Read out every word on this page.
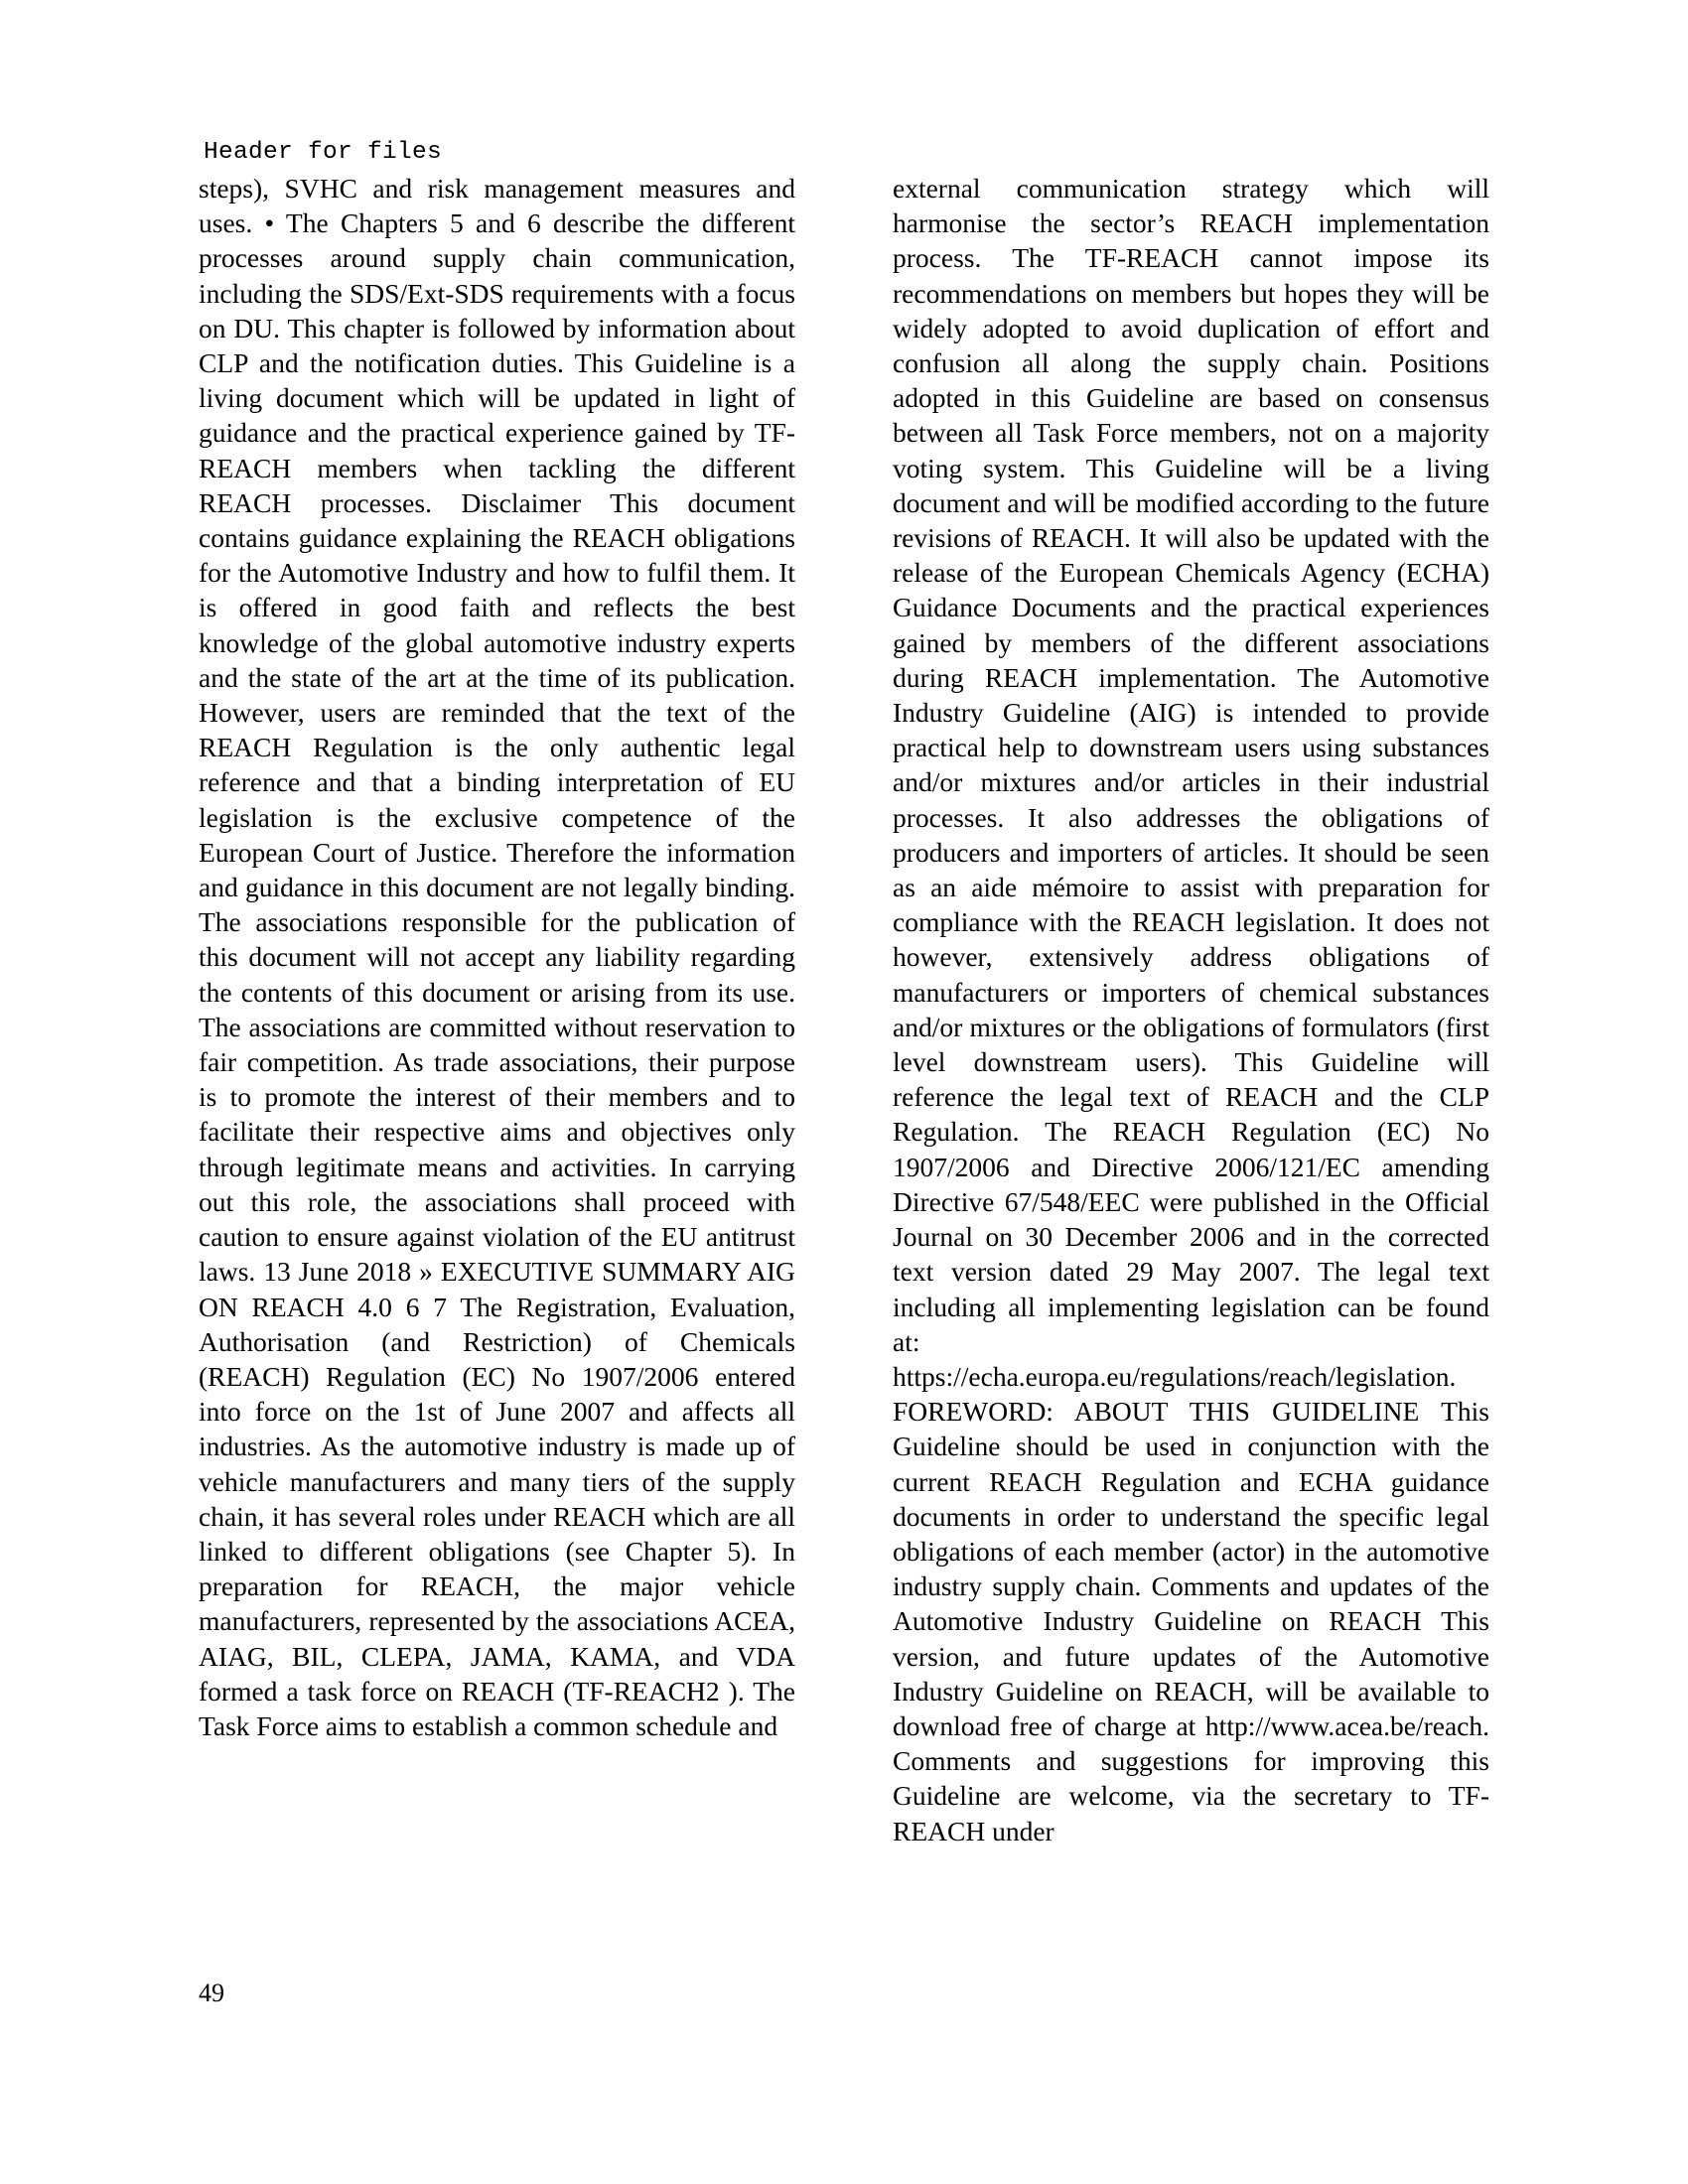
Header for files

steps), SVHC and risk management measures and uses. • The Chapters 5 and 6 describe the different processes around supply chain communication, including the SDS/Ext-SDS requirements with a focus on DU. This chapter is followed by information about CLP and the notification duties. This Guideline is a living document which will be updated in light of guidance and the practical experience gained by TF-REACH members when tackling the different REACH processes. Disclaimer This document contains guidance explaining the REACH obligations for the Automotive Industry and how to fulfil them. It is offered in good faith and reflects the best knowledge of the global automotive industry experts and the state of the art at the time of its publication. However, users are reminded that the text of the REACH Regulation is the only authentic legal reference and that a binding interpretation of EU legislation is the exclusive competence of the European Court of Justice. Therefore the information and guidance in this document are not legally binding. The associations responsible for the publication of this document will not accept any liability regarding the contents of this document or arising from its use. The associations are committed without reservation to fair competition. As trade associations, their purpose is to promote the interest of their members and to facilitate their respective aims and objectives only through legitimate means and activities. In carrying out this role, the associations shall proceed with caution to ensure against violation of the EU antitrust laws. 13 June 2018 » EXECUTIVE SUMMARY AIG ON REACH 4.0 6 7 The Registration, Evaluation, Authorisation (and Restriction) of Chemicals (REACH) Regulation (EC) No 1907/2006 entered into force on the 1st of June 2007 and affects all industries. As the automotive industry is made up of vehicle manufacturers and many tiers of the supply chain, it has several roles under REACH which are all linked to different obligations (see Chapter 5). In preparation for REACH, the major vehicle manufacturers, represented by the associations ACEA, AIAG, BIL, CLEPA, JAMA, KAMA, and VDA formed a task force on REACH (TF-REACH2 ). The Task Force aims to establish a common schedule and

external communication strategy which will harmonise the sector’s REACH implementation process. The TF-REACH cannot impose its recommendations on members but hopes they will be widely adopted to avoid duplication of effort and confusion all along the supply chain. Positions adopted in this Guideline are based on consensus between all Task Force members, not on a majority voting system. This Guideline will be a living document and will be modified according to the future revisions of REACH. It will also be updated with the release of the European Chemicals Agency (ECHA) Guidance Documents and the practical experiences gained by members of the different associations during REACH implementation. The Automotive Industry Guideline (AIG) is intended to provide practical help to downstream users using substances and/or mixtures and/or articles in their industrial processes. It also addresses the obligations of producers and importers of articles. It should be seen as an aide mémoire to assist with preparation for compliance with the REACH legislation. It does not however, extensively address obligations of manufacturers or importers of chemical substances and/or mixtures or the obligations of formulators (first level downstream users). This Guideline will reference the legal text of REACH and the CLP Regulation. The REACH Regulation (EC) No 1907/2006 and Directive 2006/121/EC amending Directive 67/548/EEC were published in the Official Journal on 30 December 2006 and in the corrected text version dated 29 May 2007. The legal text including all implementing legislation can be found at: https://echa.europa.eu/regulations/reach/legislation. FOREWORD: ABOUT THIS GUIDELINE This Guideline should be used in conjunction with the current REACH Regulation and ECHA guidance documents in order to understand the specific legal obligations of each member (actor) in the automotive industry supply chain. Comments and updates of the Automotive Industry Guideline on REACH This version, and future updates of the Automotive Industry Guideline on REACH, will be available to download free of charge at http://www.acea.be/reach. Comments and suggestions for improving this Guideline are welcome, via the secretary to TF-REACH under

49
